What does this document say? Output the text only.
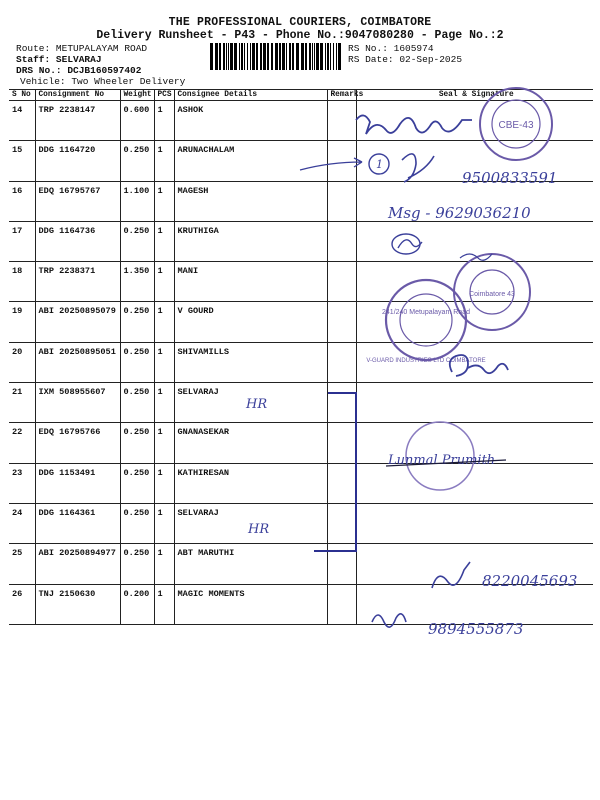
THE PROFESSIONAL COURIERS, COIMBATORE
Delivery Runsheet - P43 - Phone No.:9047080280 - Page No.:2
Route: METUPALAYAM ROAD
Staff: SELVARAJ
DRS No.: DCJB160597402
Vehicle: Two Wheeler Delivery
RS No.: 1605974
RS Date: 02-Sep-2025
S No	Consignment No	Weight	PCS	Consignee Details	Remarks	Seal & Signature
14	TRP 2238147	0.600	1	ASHOK		
15	DDG 1164720	0.250	1	ARUNACHALAM		
16	EDQ 16795767	1.100	1	MAGESH		
17	DDG 1164736	0.250	1	KRUTHIGA		
18	TRP 2238371	1.350	1	MANI		
19	ABI 20250895079	0.250	1	V GOURD		
20	ABI 20250895051	0.250	1	SHIVAMILLS		
21	IXM 508955607	0.250	1	SELVARAJ		
22	EDQ 16795766	0.250	1	GNANASEKAR		
23	DDG 1153491	0.250	1	KATHIRESAN		
24	DDG 1164361	0.250	1	SELVARAJ		
25	ABI 20250894977	0.250	1	ABT MARUTHI		
26	TNJ 2150630	0.200	1	MAGIC MOMENTS		
CBE-43
1
9500833591
Msg - 9629036210
241/240 Metupalayam Road
V-GUARD INDUSTRIES LTD COIMBATORE
Coimbatore 43
HR
HR
Lunmal Prumith
8220045693
9894555873
